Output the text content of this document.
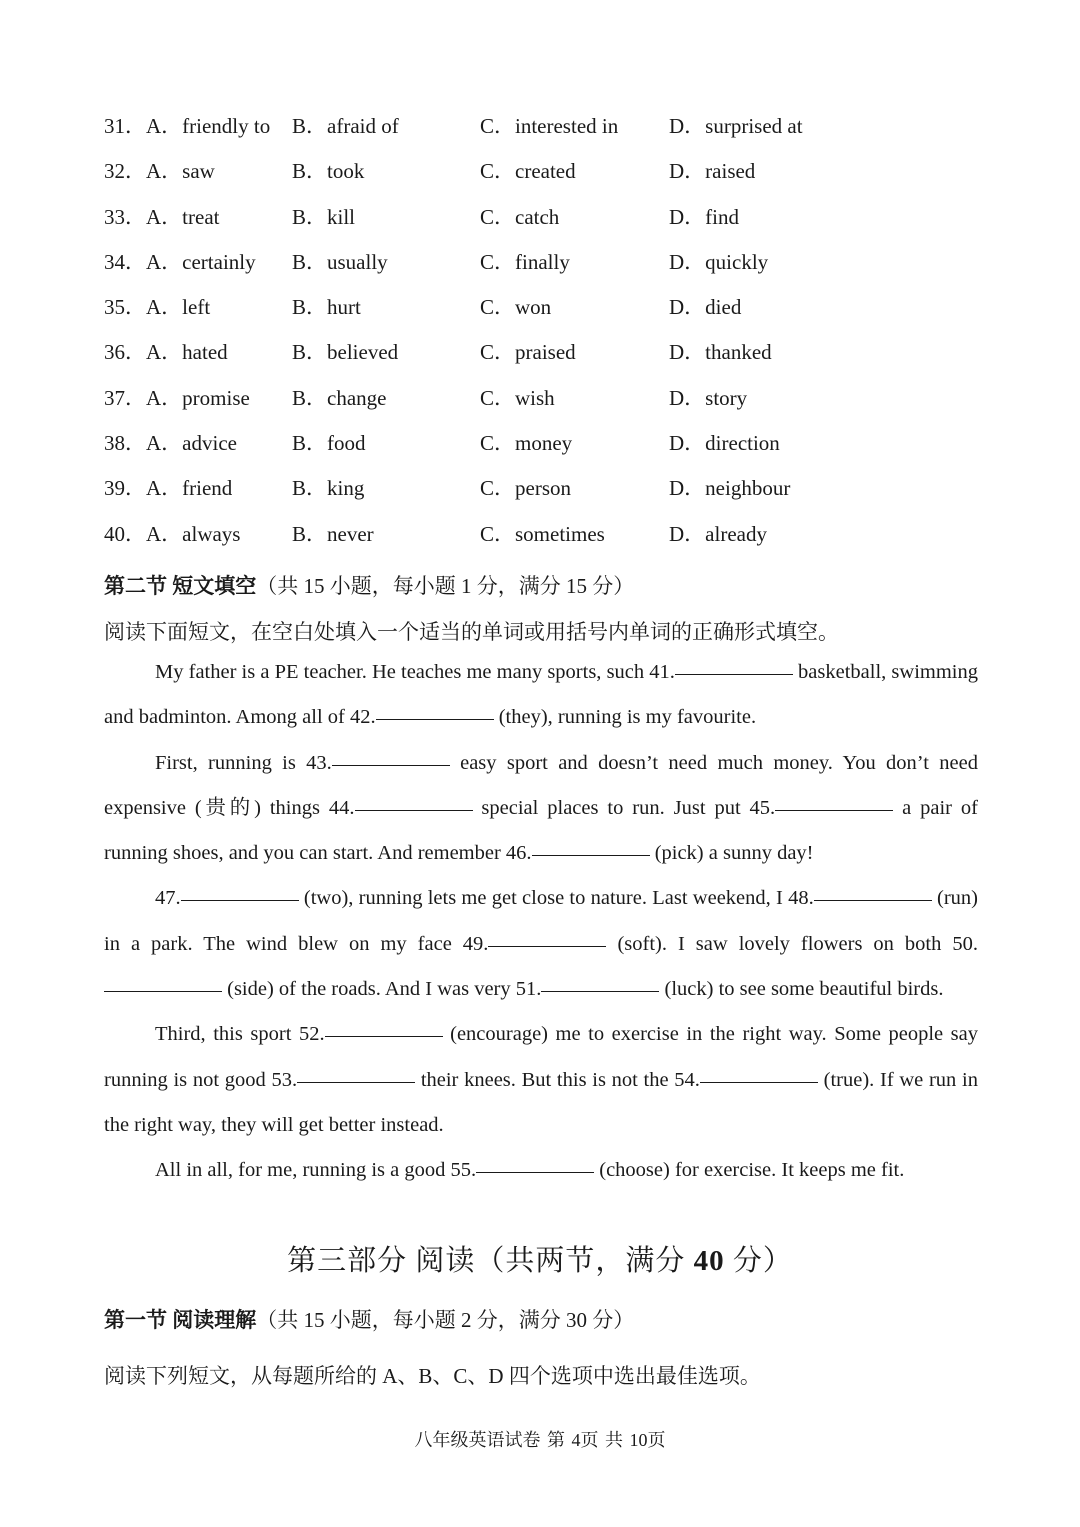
31． A．friendly to B．afraid of	C．interested in D．surprised at
32． A．saw	B．took	C．created	D．raised
33． A．treat	B．kill	C．catch	D．find
34． A．certainly B．usually	C．finally	D．quickly
35． A．left	B．hurt	C．won	D．died
36． A．hated	B．believed	C．praised	D．thanked
37． A．promise B．change	C．wish	D．story
38． A．advice	B．food	C．money	D．direction
39． A．friend	B．king	C．person	D．neighbour
40． A．always B．never	C．sometimes	D．already
第二节 短文填空（共 15 小题，每小题 1 分，满分 15 分）
阅读下面短文，在空白处填入一个适当的单词或用括号内单词的正确形式填空。

My father is a PE teacher. He teaches me many sports, such 41.	basketball, swimming and badminton. Among all of 42.	(they), running is my favourite.

First, running is 43.	easy sport and doesn’t need much money. You don’t need expensive (贵的) things 44.	special places to run. Just put 45.	a pair of running shoes, and you can start. And remember 46.	(pick) a sunny day!

47.	(two), running lets me get close to nature. Last weekend, I 48.	(run) in a park. The wind blew on my face 49.	(soft). I saw lovely flowers on both 50. (side) of the roads. And I was very 51.	(luck) to see some beautiful birds.

Third, this sport 52.	(encourage) me to exercise in the right way. Some people say running is not good 53.	their knees. But this is not the 54.	(true). If we run in the right way, they will get better instead.

All in all, for me, running is a good 55.	(choose) for exercise. It keeps me fit.

第三部分 阅读（共两节，满分 40 分）
第一节 阅读理解（共 15 小题，每小题 2 分，满分 30 分）
阅读下列短文，从每题所给的 A、B、C、D 四个选项中选出最佳选项。
八年级英语试卷 第 4页 共 10页
